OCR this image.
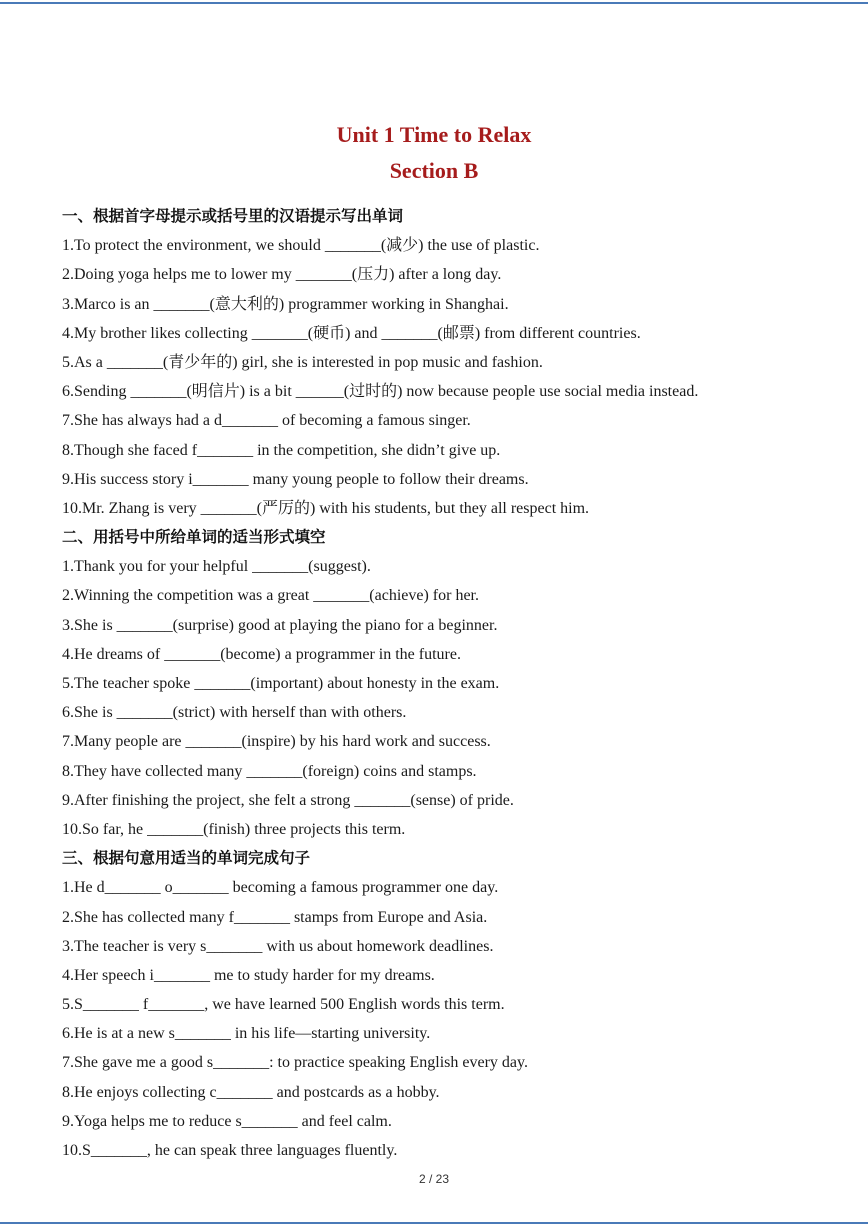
Unit 1 Time to Relax
Section B
一、根据首字母提示或括号里的汉语提示写出单词
1.To protect the environment, we should _______(减少) the use of plastic.
2.Doing yoga helps me to lower my _______(压力) after a long day.
3.Marco is an _______(意大利的) programmer working in Shanghai.
4.My brother likes collecting _______(硬币) and _______(邮票) from different countries.
5.As a _______(青少年的) girl, she is interested in pop music and fashion.
6.Sending _______(明信片) is a bit ______(过时的) now because people use social media instead.
7.She has always had a d_______ of becoming a famous singer.
8.Though she faced f_______ in the competition, she didn’t give up.
9.His success story i_______ many young people to follow their dreams.
10.Mr. Zhang is very _______(严厉的) with his students, but they all respect him.
二、用括号中所给单词的适当形式填空
1.Thank you for your helpful _______(suggest).
2.Winning the competition was a great _______(achieve) for her.
3.She is _______(surprise) good at playing the piano for a beginner.
4.He dreams of _______(become) a programmer in the future.
5.The teacher spoke _______(important) about honesty in the exam.
6.She is _______(strict) with herself than with others.
7.Many people are _______(inspire) by his hard work and success.
8.They have collected many _______(foreign) coins and stamps.
9.After finishing the project, she felt a strong _______(sense) of pride.
10.So far, he _______(finish) three projects this term.
三、根据句意用适当的单词完成句子
1.He d_______ o_______ becoming a famous programmer one day.
2.She has collected many f_______ stamps from Europe and Asia.
3.The teacher is very s_______ with us about homework deadlines.
4.Her speech i_______ me to study harder for my dreams.
5.S_______ f_______, we have learned 500 English words this term.
6.He is at a new s_______ in his life—starting university.
7.She gave me a good s_______: to practice speaking English every day.
8.He enjoys collecting c_______ and postcards as a hobby.
9.Yoga helps me to reduce s_______ and feel calm.
10.S_______, he can speak three languages fluently.
2 / 23
